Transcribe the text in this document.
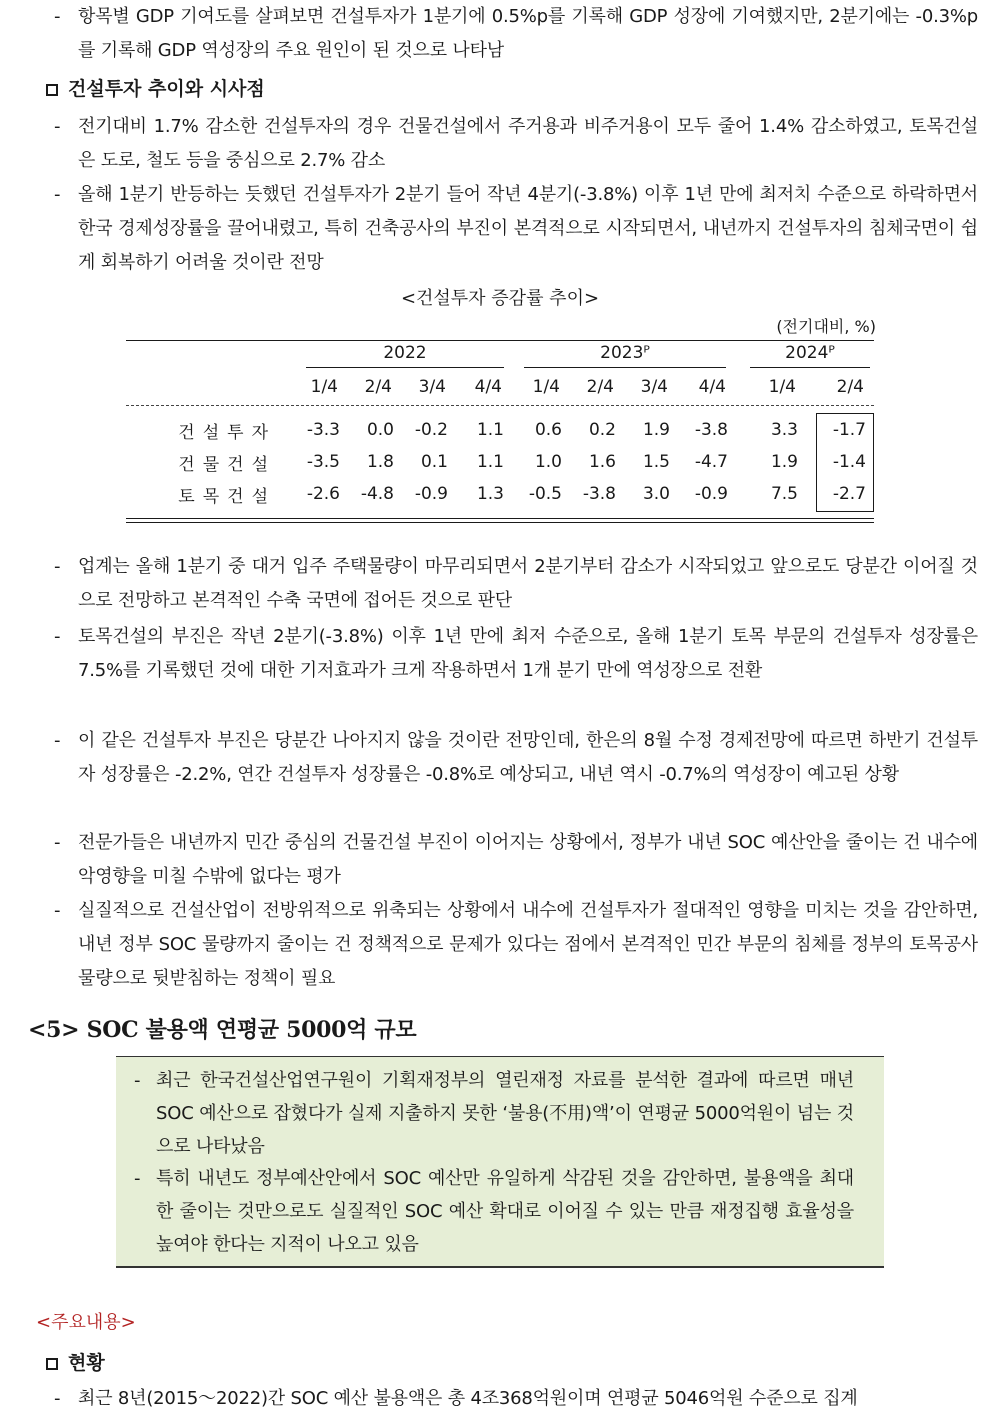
- 항목별 GDP 기여도를 살펴보면 건설투자가 1분기에 0.5%p를 기록해 GDP 성장에 기여했지만, 2분기에는 -0.3%p를 기록해 GDP 역성장의 주요 원인이 된 것으로 나타남
건설투자 추이와 시사점
- 전기대비 1.7% 감소한 건설투자의 경우 건물건설에서 주거용과 비주거용이 모두 줄어 1.4% 감소하였고, 토목건설은 도로, 철도 등을 중심으로 2.7% 감소
- 올해 1분기 반등하는 듯했던 건설투자가 2분기 들어 작년 4분기(-3.8%) 이후 1년 만에 최저치 수준으로 하락하면서 한국 경제성장률을 끌어내렸고, 특히 건축공사의 부진이 본격적으로 시작되면서, 내년까지 건설투자의 침체국면이 쉽게 회복하기 어려울 것이란 전망
<건설투자 증감률 추이>
(전기대비, %)

	2022				2023ᴾ				2024ᴾ	

	1/4	2/4	3/4	4/4	1/4	2/4	3/4	4/4	1/4	2/4

건설투자	-3.3	0.0	-0.2	1.1	0.6	0.2	1.9	-3.8	3.3	-1.7
건물건설	-3.5	1.8	0.1	1.1	1.0	1.6	1.5	-4.7	1.9	-1.4
토목건설	-2.6	-4.8	-0.9	1.3	-0.5	-3.8	3.0	-0.9	7.5	-2.7
- 업계는 올해 1분기 중 대거 입주 주택물량이 마무리되면서 2분기부터 감소가 시작되었고 앞으로도 당분간 이어질 것으로 전망하고 본격적인 수축 국면에 접어든 것으로 판단
- 토목건설의 부진은 작년 2분기(-3.8%) 이후 1년 만에 최저 수준으로, 올해 1분기 토목 부문의 건설투자 성장률은 7.5%를 기록했던 것에 대한 기저효과가 크게 작용하면서 1개 분기 만에 역성장으로 전환
- 이 같은 건설투자 부진은 당분간 나아지지 않을 것이란 전망인데, 한은의 8월 수정 경제전망에 따르면 하반기 건설투자 성장률은 -2.2%, 연간 건설투자 성장률은 -0.8%로 예상되고, 내년 역시 -0.7%의 역성장이 예고된 상황
- 전문가들은 내년까지 민간 중심의 건물건설 부진이 이어지는 상황에서, 정부가 내년 SOC 예산안을 줄이는 건 내수에 악영향을 미칠 수밖에 없다는 평가
- 실질적으로 건설산업이 전방위적으로 위축되는 상황에서 내수에 건설투자가 절대적인 영향을 미치는 것을 감안하면, 내년 정부 SOC 물량까지 줄이는 건 정책적으로 문제가 있다는 점에서 본격적인 민간 부문의 침체를 정부의 토목공사 물량으로 뒷받침하는 정책이 필요
<5> SOC 불용액 연평균 5000억 규모
- 최근 한국건설산업연구원이 기획재정부의 열린재정 자료를 분석한 결과에 따르면 매년 SOC 예산으로 잡혔다가 실제 지출하지 못한 ‘불용(不用)액’이 연평균 5000억원이 넘는 것으로 나타났음
- 특히 내년도 정부예산안에서 SOC 예산만 유일하게 삭감된 것을 감안하면, 불용액을 최대한 줄이는 것만으로도 실질적인 SOC 예산 확대로 이어질 수 있는 만큼 재정집행 효율성을 높여야 한다는 지적이 나오고 있음
<주요내용>
현황
- 최근 8년(2015～2022)간 SOC 예산 불용액은 총 4조368억원이며 연평균 5046억원 수준으로 집계
